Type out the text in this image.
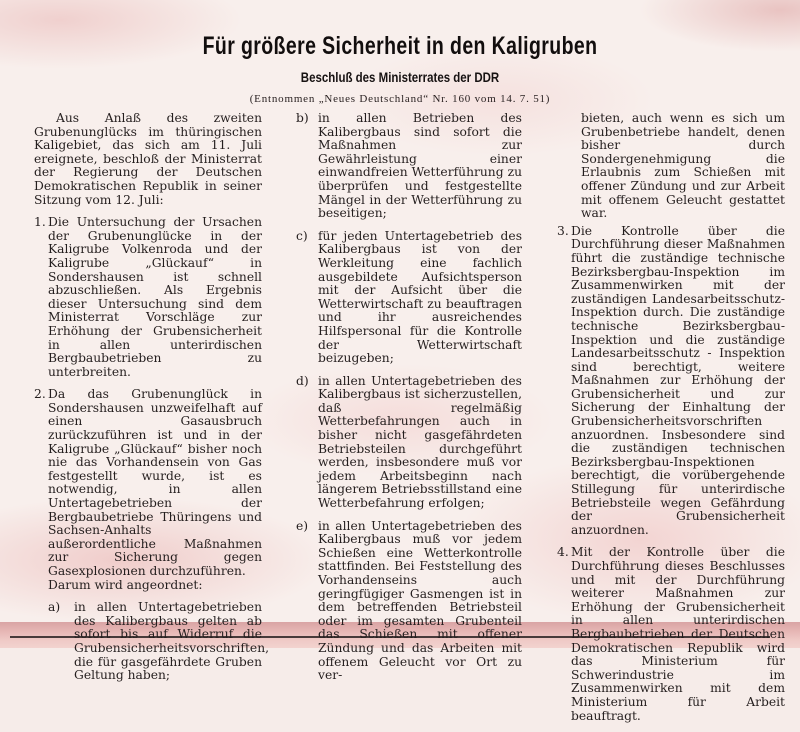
Für größere Sicherheit in den Kaligruben
Beschluß des Ministerrates der DDR

(Entnommen „Neues Deutschland“ Nr. 160 vom 14. 7. 51)

Aus Anlaß des zweiten Grubenunglücks im thüringischen Kaligebiet, das sich am 11. Juli ereignete, beschloß der Ministerrat der Regierung der Deutschen Demokratischen Republik in seiner Sitzung vom 12. Juli:

1. Die Untersuchung der Ursachen der Grubenunglücke in der Kaligrube Volkenroda und der Kaligrube „Glückauf“ in Sondershausen ist schnell abzuschließen. Als Ergebnis dieser Untersuchung sind dem Ministerrat Vorschläge zur Erhöhung der Grubensicherheit in allen unterirdischen Bergbaubetrieben zu unterbreiten.

2. Da das Grubenunglück in Sondershausen unzweifelhaft auf einen Gasausbruch zurückzuführen ist und in der Kaligrube „Glückauf“ bisher noch nie das Vorhandensein von Gas festgestellt wurde, ist es notwendig, in allen Untertagebetrieben der Bergbaubetriebe Thüringens und Sachsen-Anhalts außerordentliche Maßnahmen zur Sicherung gegen Gasexplosionen durchzuführen.

Darum wird angeordnet:

a) in allen Untertagebetrieben des Kalibergbaus gelten ab sofort bis auf Widerruf die Grubensicherheitsvorschriften, die für gasgefährdete Gruben Geltung haben;

b) in allen Betrieben des Kalibergbaus sind sofort die Maßnahmen zur Gewährleistung einer einwandfreien Wetterführung zu überprüfen und festgestellte Mängel in der Wetterführung zu beseitigen;

c) für jeden Untertagebetrieb des Kalibergbaus ist von der Werkleitung eine fachlich ausgebildete Aufsichtsperson mit der Aufsicht über die Wetterwirtschaft zu beauftragen und ihr ausreichendes Hilfspersonal für die Kontrolle der Wetterwirtschaft beizugeben;

d) in allen Untertagebetrieben des Kalibergbaus ist sicherzustellen, daß regelmäßig Wetterbefahrungen auch in bisher nicht gasgefährdeten Betriebsteilen durchgeführt werden, insbesondere muß vor jedem Arbeitsbeginn nach längerem Betriebsstillstand eine Wetterbefahrung erfolgen;

e) in allen Untertagebetrieben des Kalibergbaus muß vor jedem Schießen eine Wetterkontrolle stattfinden. Bei Feststellung des Vorhandenseins auch geringfügiger Gasmengen ist in dem betreffenden Betriebsteil oder im gesamten Grubenteil das Schießen mit offener Zündung und das Arbeiten mit offenem Geleucht vor Ort zu ver-

bieten, auch wenn es sich um Grubenbetriebe handelt, denen bisher durch Sondergenehmigung die Erlaubnis zum Schießen mit offener Zündung und zur Arbeit mit offenem Geleucht gestattet war.

3. Die Kontrolle über die Durchführung dieser Maßnahmen führt die zuständige technische Bezirksbergbau-Inspektion im Zusammenwirken mit der zuständigen Landesarbeitsschutz-Inspektion durch. Die zuständige technische Bezirksbergbau-Inspektion und die zuständige Landesarbeitsschutz - Inspektion sind berechtigt, weitere Maßnahmen zur Erhöhung der Grubensicherheit und zur Sicherung der Einhaltung der Grubensicherheitsvorschriften anzuordnen. Insbesondere sind die zuständigen technischen Bezirksbergbau-Inspektionen berechtigt, die vorübergehende Stillegung für unterirdische Betriebsteile wegen Gefährdung der Grubensicherheit anzuordnen.

4. Mit der Kontrolle über die Durchführung dieses Beschlusses und mit der Durchführung weiterer Maßnahmen zur Erhöhung der Grubensicherheit in allen unterirdischen Bergbaubetrieben der Deutschen Demokratischen Republik wird das Ministerium für Schwerindustrie im Zusammenwirken mit dem Ministerium für Arbeit beauftragt.
